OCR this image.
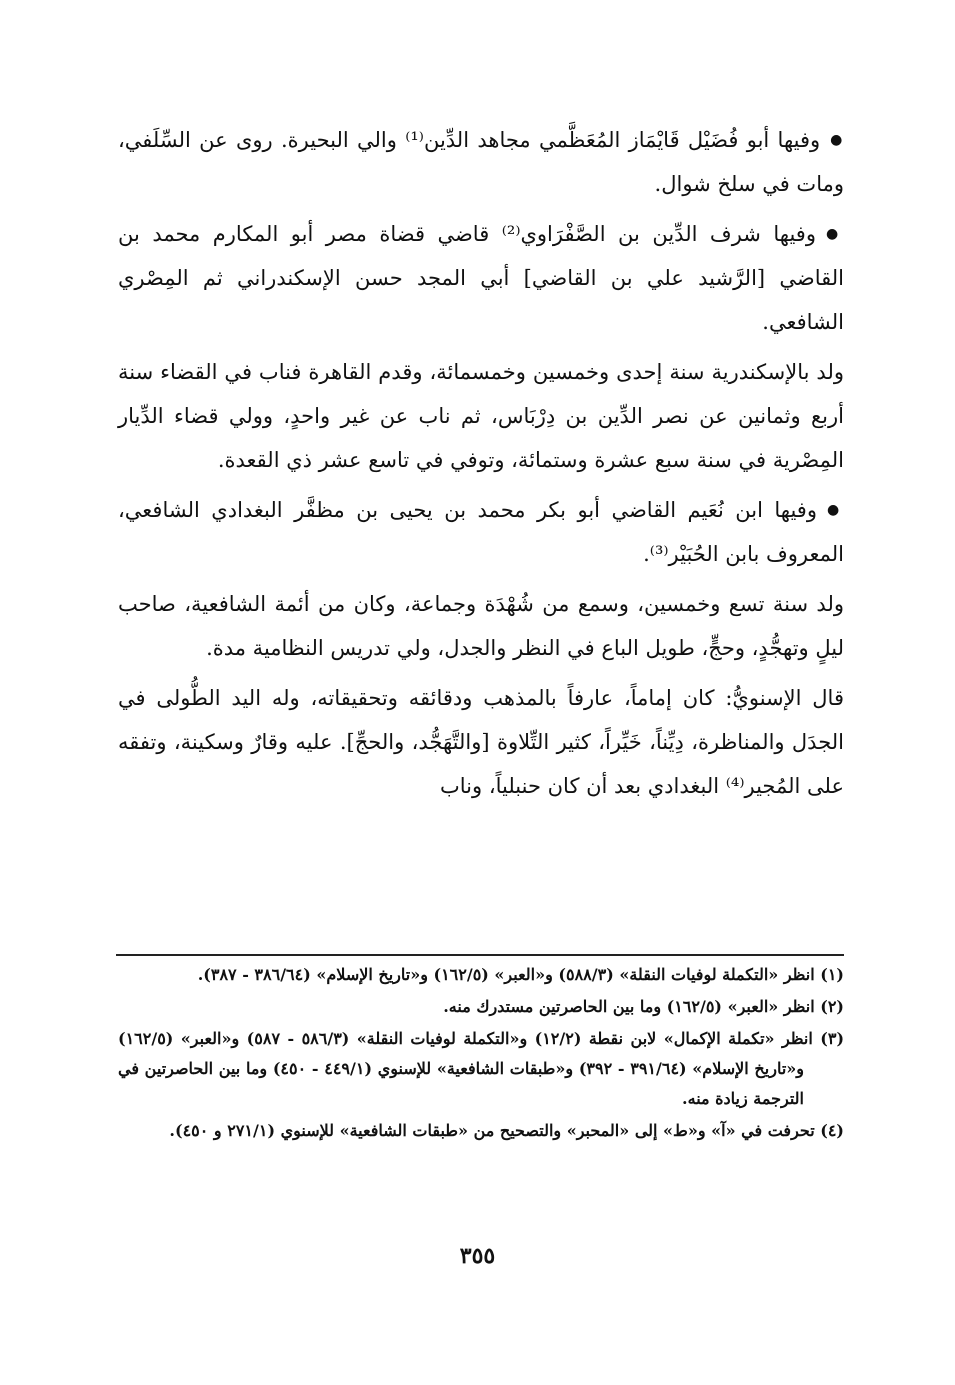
● وفيها أبو فُضَيْل قَايْمَاز المُعَظَّمي مجاهد الدِّين⁽¹⁾ والي البحيرة. روى عن السِّلَفي، ومات في سلخ شوال.

● وفيها شرف الدِّين بن الصَّفْرَاوي⁽²⁾ قاضي قضاة مصر أبو المكارم محمد بن القاضي [الرَّشيد علي بن القاضي] أبي المجد حسن الإسكندراني ثم المِصْري الشافعي.

ولد بالإسكندرية سنة إحدى وخمسين وخمسمائة، وقدم القاهرة فناب في القضاء سنة أربع وثمانين عن نصر الدِّين بن دِرْبَاس، ثم ناب عن غير واحدٍ، وولي قضاء الدِّيار المِصْرية في سنة سبع عشرة وستمائة، وتوفي في تاسع عشر ذي القعدة.

● وفيها ابن نُعَيم القاضي أبو بكر محمد بن يحيى بن مظفَّر البغدادي الشافعي، المعروف بابن الحُبَيْر⁽³⁾.

ولد سنة تسع وخمسين، وسمع من شُهْدَة وجماعة، وكان من أئمة الشافعية، صاحب ليلٍ وتهجُّدٍ، وحجٍّ، طويل الباع في النظر والجدل، ولي تدريس النظامية مدة.

قال الإسنويُّ: كان إماماً، عارفاً بالمذهب ودقائقه وتحقيقاته، وله اليد الطُّولى في الجدَل والمناظرة، دِيِّناً، خَيِّراً، كثير التِّلاوة [والتَّهَجُّد، والحجِّ]. عليه وقارٌ وسكينة، وتفقه على المُجير⁽⁴⁾ البغدادي بعد أن كان حنبلياً، وناب

(١) انظر «التكملة لوفيات النقلة» (٥٨٨/٣) و«العبر» (١٦٢/٥) و«تاريخ الإسلام» (٣٨٦/٦٤ - ٣٨٧).

(٢) انظر «العبر» (١٦٢/٥) وما بين الحاصرتين مستدرك منه.

(٣) انظر «تكملة الإكمال» لابن نقطة (١٢/٢) و«التكملة لوفيات النقلة» (٥٨٦/٣ - ٥٨٧) و«العبر» (١٦٢/٥) و«تاريخ الإسلام» (٣٩١/٦٤ - ٣٩٢) و«طبقات الشافعية» للإسنوي (٤٤٩/١ - ٤٥٠) وما بين الحاصرتين في الترجمة زيادة منه.

(٤) تحرفت في «آ» و«ط» إلى «المحبر» والتصحيح من «طبقات الشافعية» للإسنوي (٢٧١/١ و ٤٥٠).

٣٥٥
